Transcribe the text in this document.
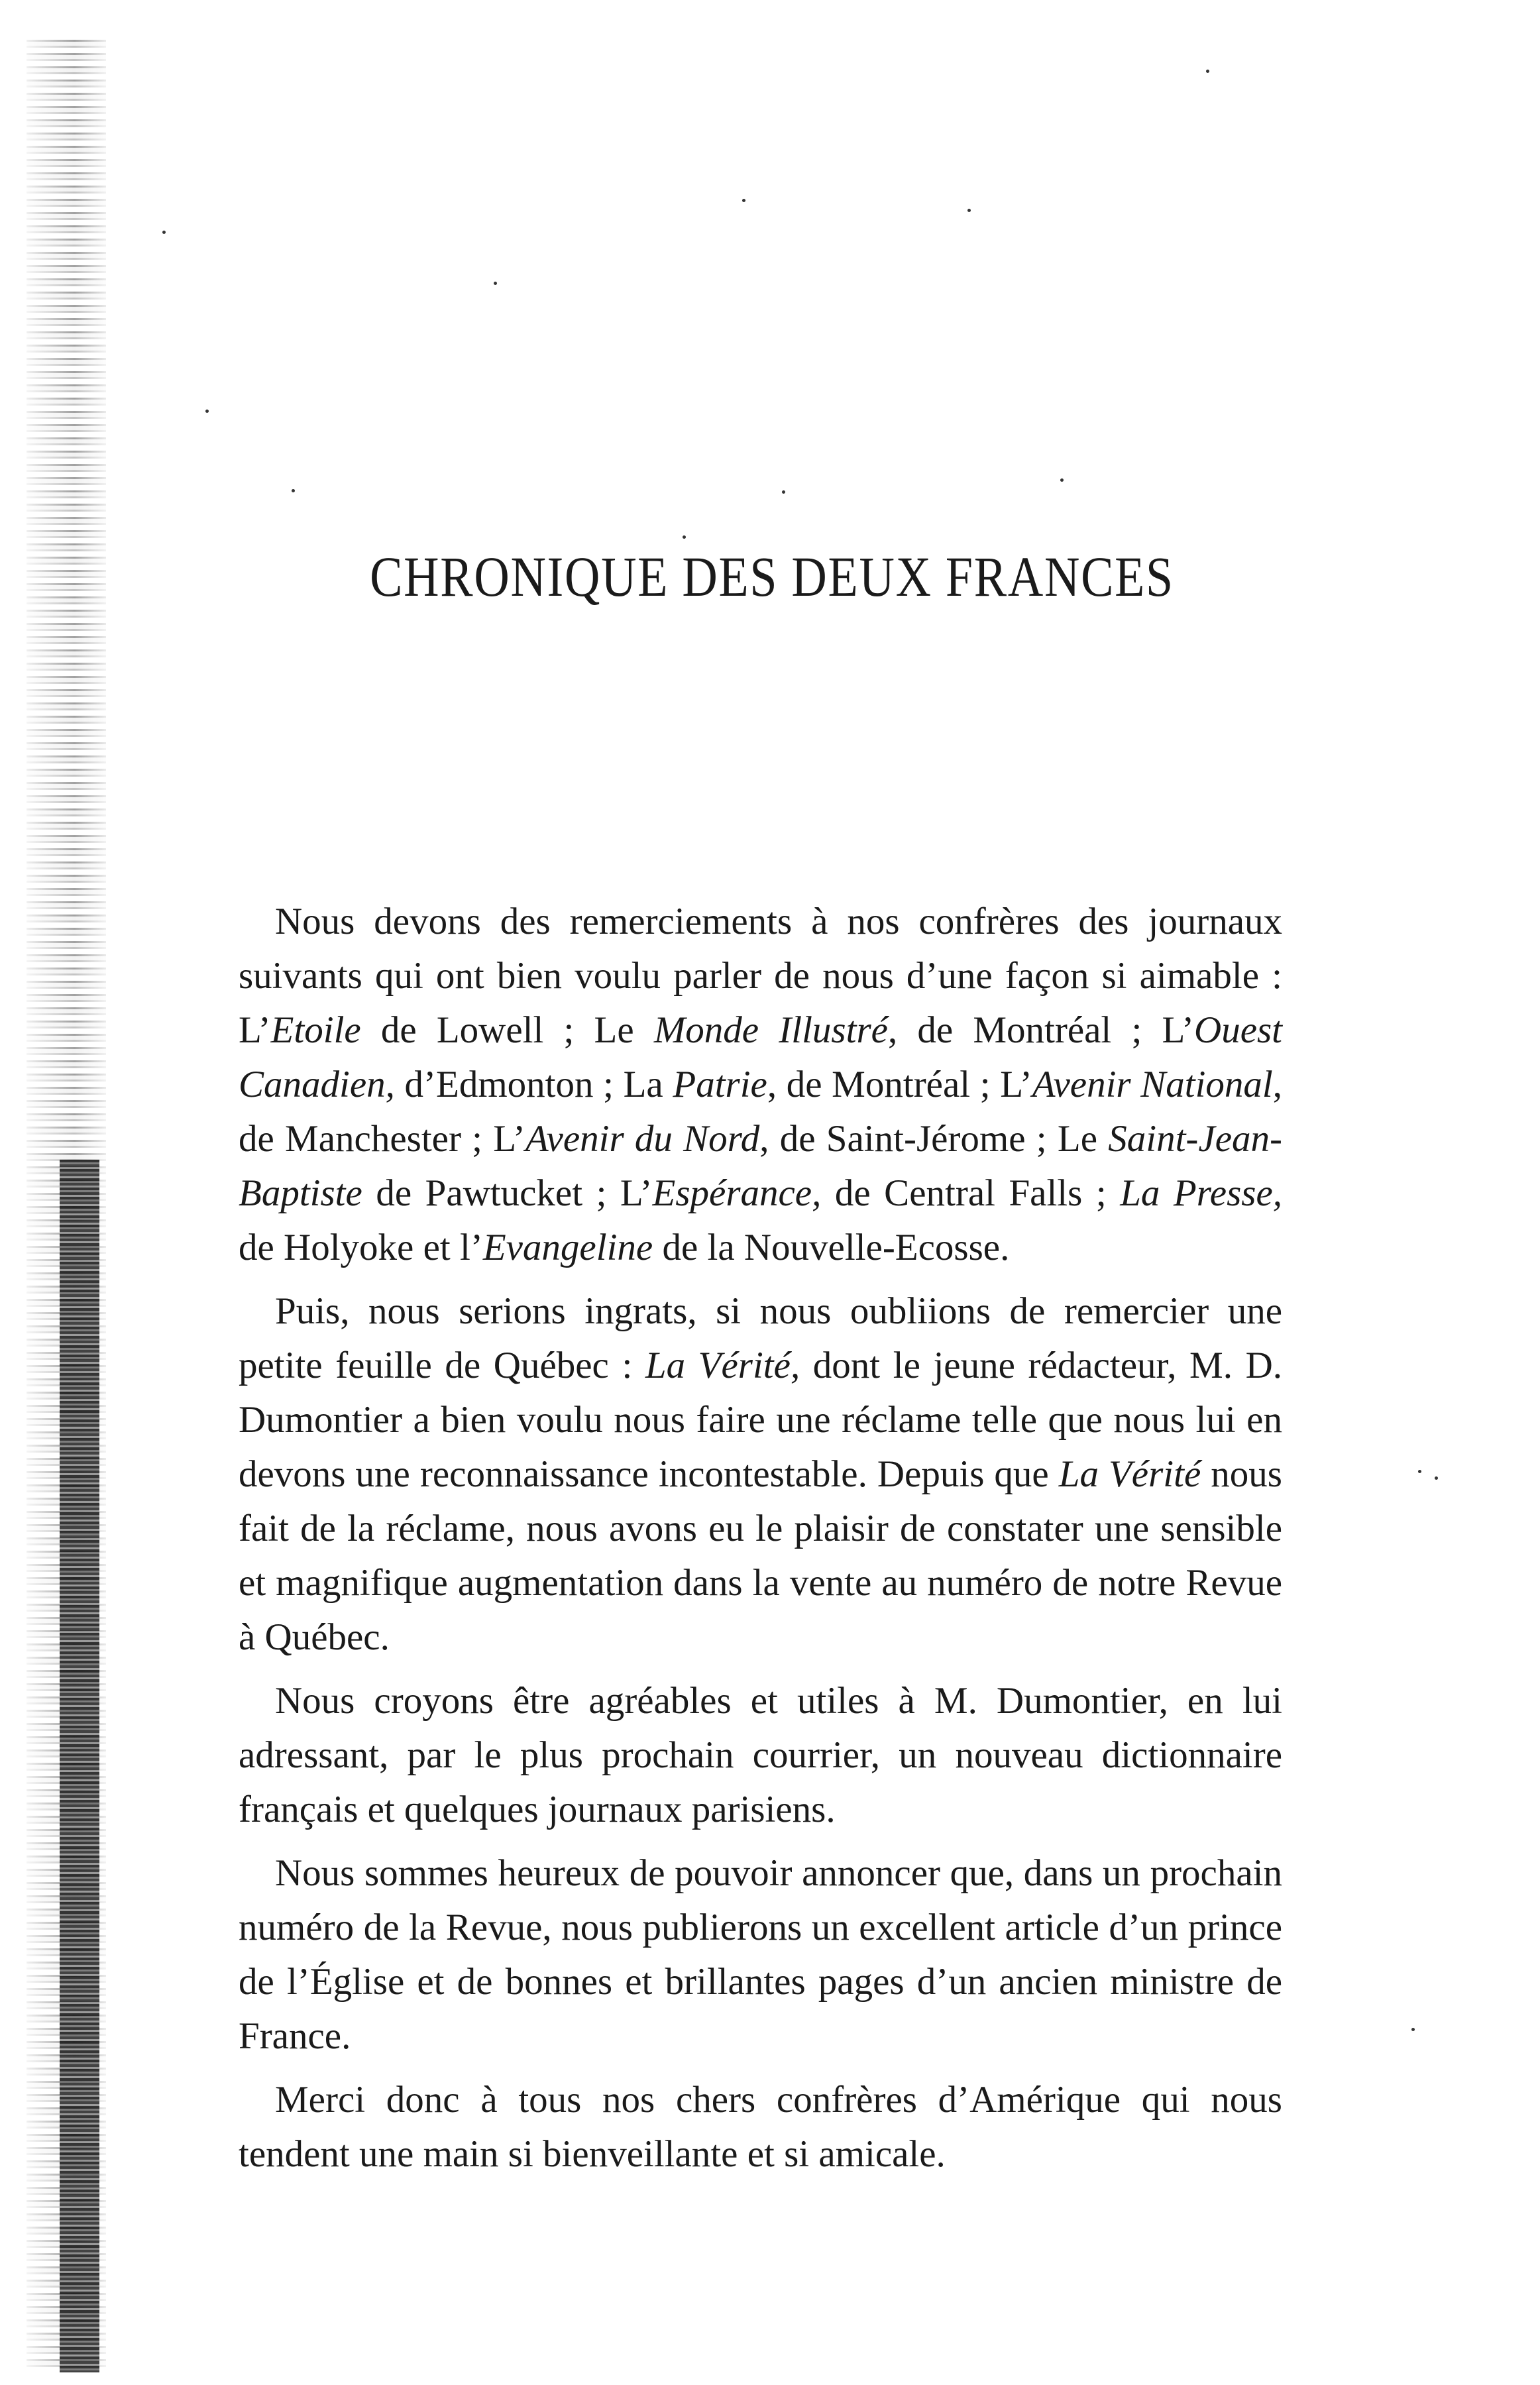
CHRONIQUE DES DEUX FRANCES

Nous devons des remerciements à nos confrères des journaux suivants qui ont bien voulu parler de nous d’une façon si aimable : L’Etoile de Lowell ; Le Monde Illustré, de Montréal ; L’Ouest Canadien, d’Edmonton ; La Patrie, de Montréal ; L’Avenir National, de Manchester ; L’Avenir du Nord, de Saint-Jérome ; Le Saint-Jean-Baptiste de Pawtucket ; L’Espérance, de Central Falls ; La Presse, de Holyoke et l’Evangeline de la Nouvelle-Ecosse.

Puis, nous serions ingrats, si nous oubliions de remercier une petite feuille de Québec : La Vérité, dont le jeune rédacteur, M. D. Dumontier a bien voulu nous faire une réclame telle que nous lui en devons une reconnaissance incontestable. Depuis que La Vérité nous fait de la réclame, nous avons eu le plaisir de constater une sensible et magnifique augmentation dans la vente au numéro de notre Revue à Québec.

Nous croyons être agréables et utiles à M. Dumontier, en lui adressant, par le plus prochain courrier, un nouveau dictionnaire français et quelques journaux parisiens.

Nous sommes heureux de pouvoir annoncer que, dans un prochain numéro de la Revue, nous publierons un excellent article d’un prince de l’Église et de bonnes et brillantes pages d’un ancien ministre de France.

Merci donc à tous nos chers confrères d’Amérique qui nous tendent une main si bienveillante et si amicale.
